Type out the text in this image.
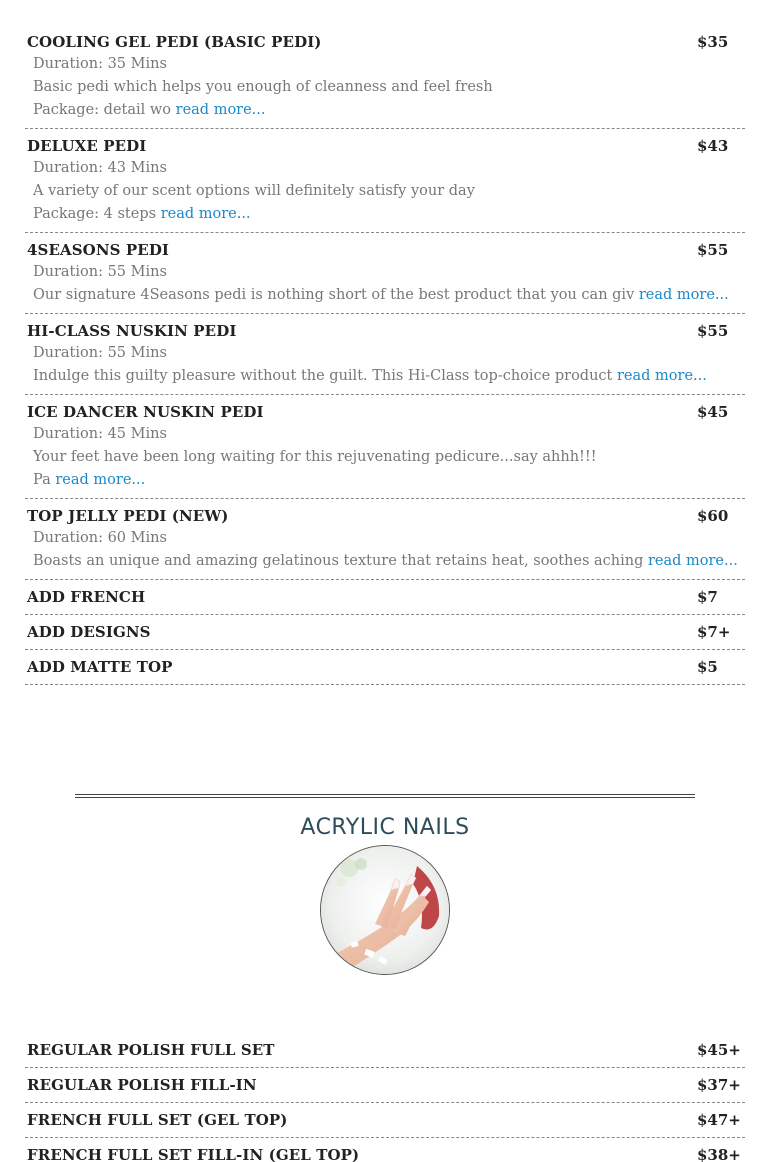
COOLING GEL PEDI (BASIC PEDI)	$35
Duration: 35 Mins
Basic pedi which helps you enough of cleanness and feel fresh
Package: detail wo read more...
DELUXE PEDI	$43
Duration: 43 Mins
A variety of our scent options will definitely satisfy your day
Package: 4 steps read more...
4SEASONS PEDI	$55
Duration: 55 Mins
Our signature 4Seasons pedi is nothing short of the best product that you can giv read more...
HI-CLASS NUSKIN PEDI	$55
Duration: 55 Mins
Indulge this guilty pleasure without the guilt. This Hi-Class top-choice product read more...
ICE DANCER NUSKIN PEDI	$45
Duration: 45 Mins
Your feet have been long waiting for this rejuvenating pedicure...say ahhh!!!
Pa read more...
TOP JELLY PEDI (NEW)	$60
Duration: 60 Mins
Boasts an unique and amazing gelatinous texture that retains heat, soothes aching read more...
ADD FRENCH	$7
ADD DESIGNS	$7+
ADD MATTE TOP	$5
ACRYLIC NAILS
REGULAR POLISH FULL SET	$45+
REGULAR POLISH FILL-IN	$37+
FRENCH FULL SET (GEL TOP)	$47+
FRENCH FULL SET FILL-IN (GEL TOP)	$38+
